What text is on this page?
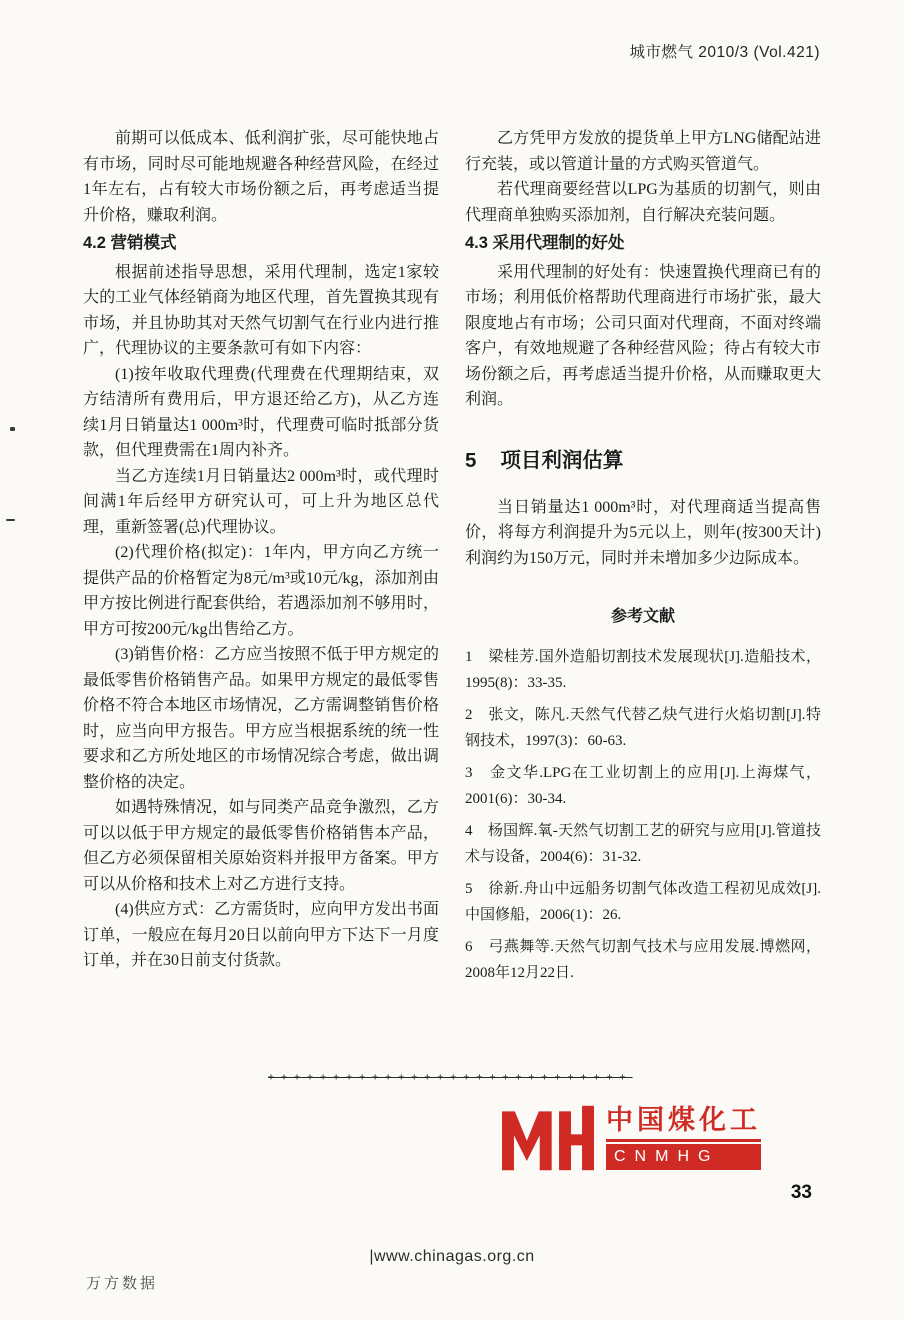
城市燃气 2010/3 (Vol.421)

前期可以低成本、低利润扩张，尽可能快地占有市场，同时尽可能地规避各种经营风险，在经过1年左右，占有较大市场份额之后，再考虑适当提升价格，赚取利润。

4.2 营销模式

根据前述指导思想，采用代理制，选定1家较大的工业气体经销商为地区代理，首先置换其现有市场，并且协助其对天然气切割气在行业内进行推广，代理协议的主要条款可有如下内容：

(1)按年收取代理费(代理费在代理期结束，双方结清所有费用后，甲方退还给乙方)，从乙方连续1月日销量达1 000m³时，代理费可临时抵部分货款，但代理费需在1周内补齐。

当乙方连续1月日销量达2 000m³时，或代理时间满1年后经甲方研究认可，可上升为地区总代理，重新签署(总)代理协议。

(2)代理价格(拟定)：1年内，甲方向乙方统一提供产品的价格暂定为8元/m³或10元/kg，添加剂由甲方按比例进行配套供给，若遇添加剂不够用时，甲方可按200元/kg出售给乙方。

(3)销售价格：乙方应当按照不低于甲方规定的最低零售价格销售产品。如果甲方规定的最低零售价格不符合本地区市场情况，乙方需调整销售价格时，应当向甲方报告。甲方应当根据系统的统一性要求和乙方所处地区的市场情况综合考虑，做出调整价格的决定。

如遇特殊情况，如与同类产品竞争激烈，乙方可以以低于甲方规定的最低零售价格销售本产品，但乙方必须保留相关原始资料并报甲方备案。甲方可以从价格和技术上对乙方进行支持。

(4)供应方式：乙方需货时，应向甲方发出书面订单，一般应在每月20日以前向甲方下达下一月度订单，并在30日前支付货款。

乙方凭甲方发放的提货单上甲方LNG储配站进行充装，或以管道计量的方式购买管道气。

若代理商要经营以LPG为基质的切割气，则由代理商单独购买添加剂，自行解决充装问题。

4.3 采用代理制的好处

采用代理制的好处有：快速置换代理商已有的市场；利用低价格帮助代理商进行市场扩张，最大限度地占有市场；公司只面对代理商，不面对终端客户，有效地规避了各种经营风险；待占有较大市场份额之后，再考虑适当提升价格，从而赚取更大利润。

5 项目利润估算

当日销量达1 000m³时，对代理商适当提高售价，将每方利润提升为5元以上，则年(按300天计)利润约为150万元，同时并未增加多少边际成本。

参考文献

1　梁桂芳.国外造船切割技术发展现状[J].造船技术，1995(8)：33-35.

2　张文，陈凡.天然气代替乙炔气进行火焰切割[J].特钢技术，1997(3)：60-63.

3　金文华.LPG在工业切割上的应用[J].上海煤气，2001(6)：30-34.

4　杨国辉.氧-天然气切割工艺的研究与应用[J].管道技术与设备，2004(6)：31-32.

5　徐新.舟山中远船务切割气体改造工程初见成效[J].中国修船，2006(1)：26.

6　弓燕舞等.天然气切割气技术与应用发展.博燃网，2008年12月22日.

++++++++++++++++++++++++++++
中国煤化工
CNMHG
33
|www.chinagas.org.cn
万方数据
